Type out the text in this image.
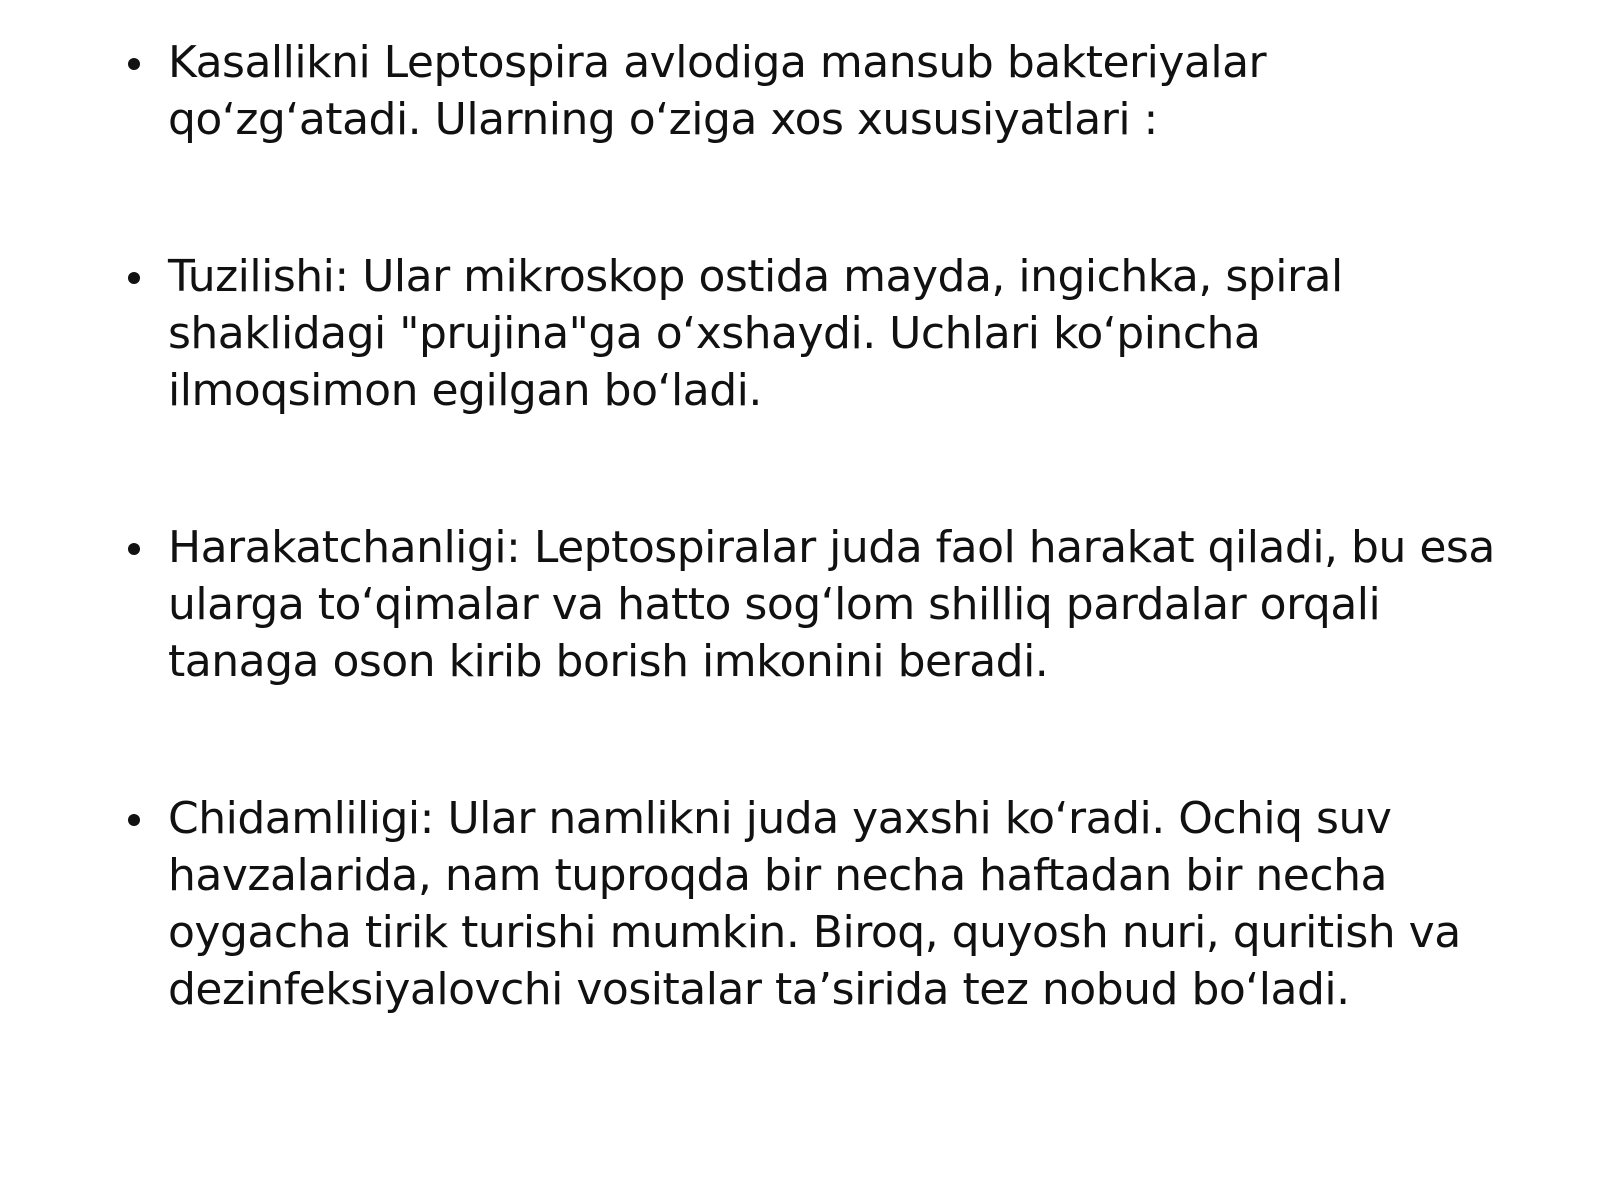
Kasallikni Leptospira avlodiga mansub bakteriyalar qo‘zg‘atadi. Ularning o‘ziga xos xususiyatlari :
Tuzilishi: Ular mikroskop ostida mayda, ingichka, spiral shaklidagi "prujina"ga o‘xshaydi. Uchlari ko‘pincha ilmoqsimon egilgan bo‘ladi.
Harakatchanligi: Leptospiralar juda faol harakat qiladi, bu esa ularga to‘qimalar va hatto sog‘lom shilliq pardalar orqali tanaga oson kirib borish imkonini beradi.
Chidamliligi: Ular namlikni juda yaxshi ko‘radi. Ochiq suv havzalarida, nam tuproqda bir necha haftadan bir necha oygacha tirik turishi mumkin. Biroq, quyosh nuri, quritish va dezinfeksiyalovchi vositalar ta’sirida tez nobud bo‘ladi.
